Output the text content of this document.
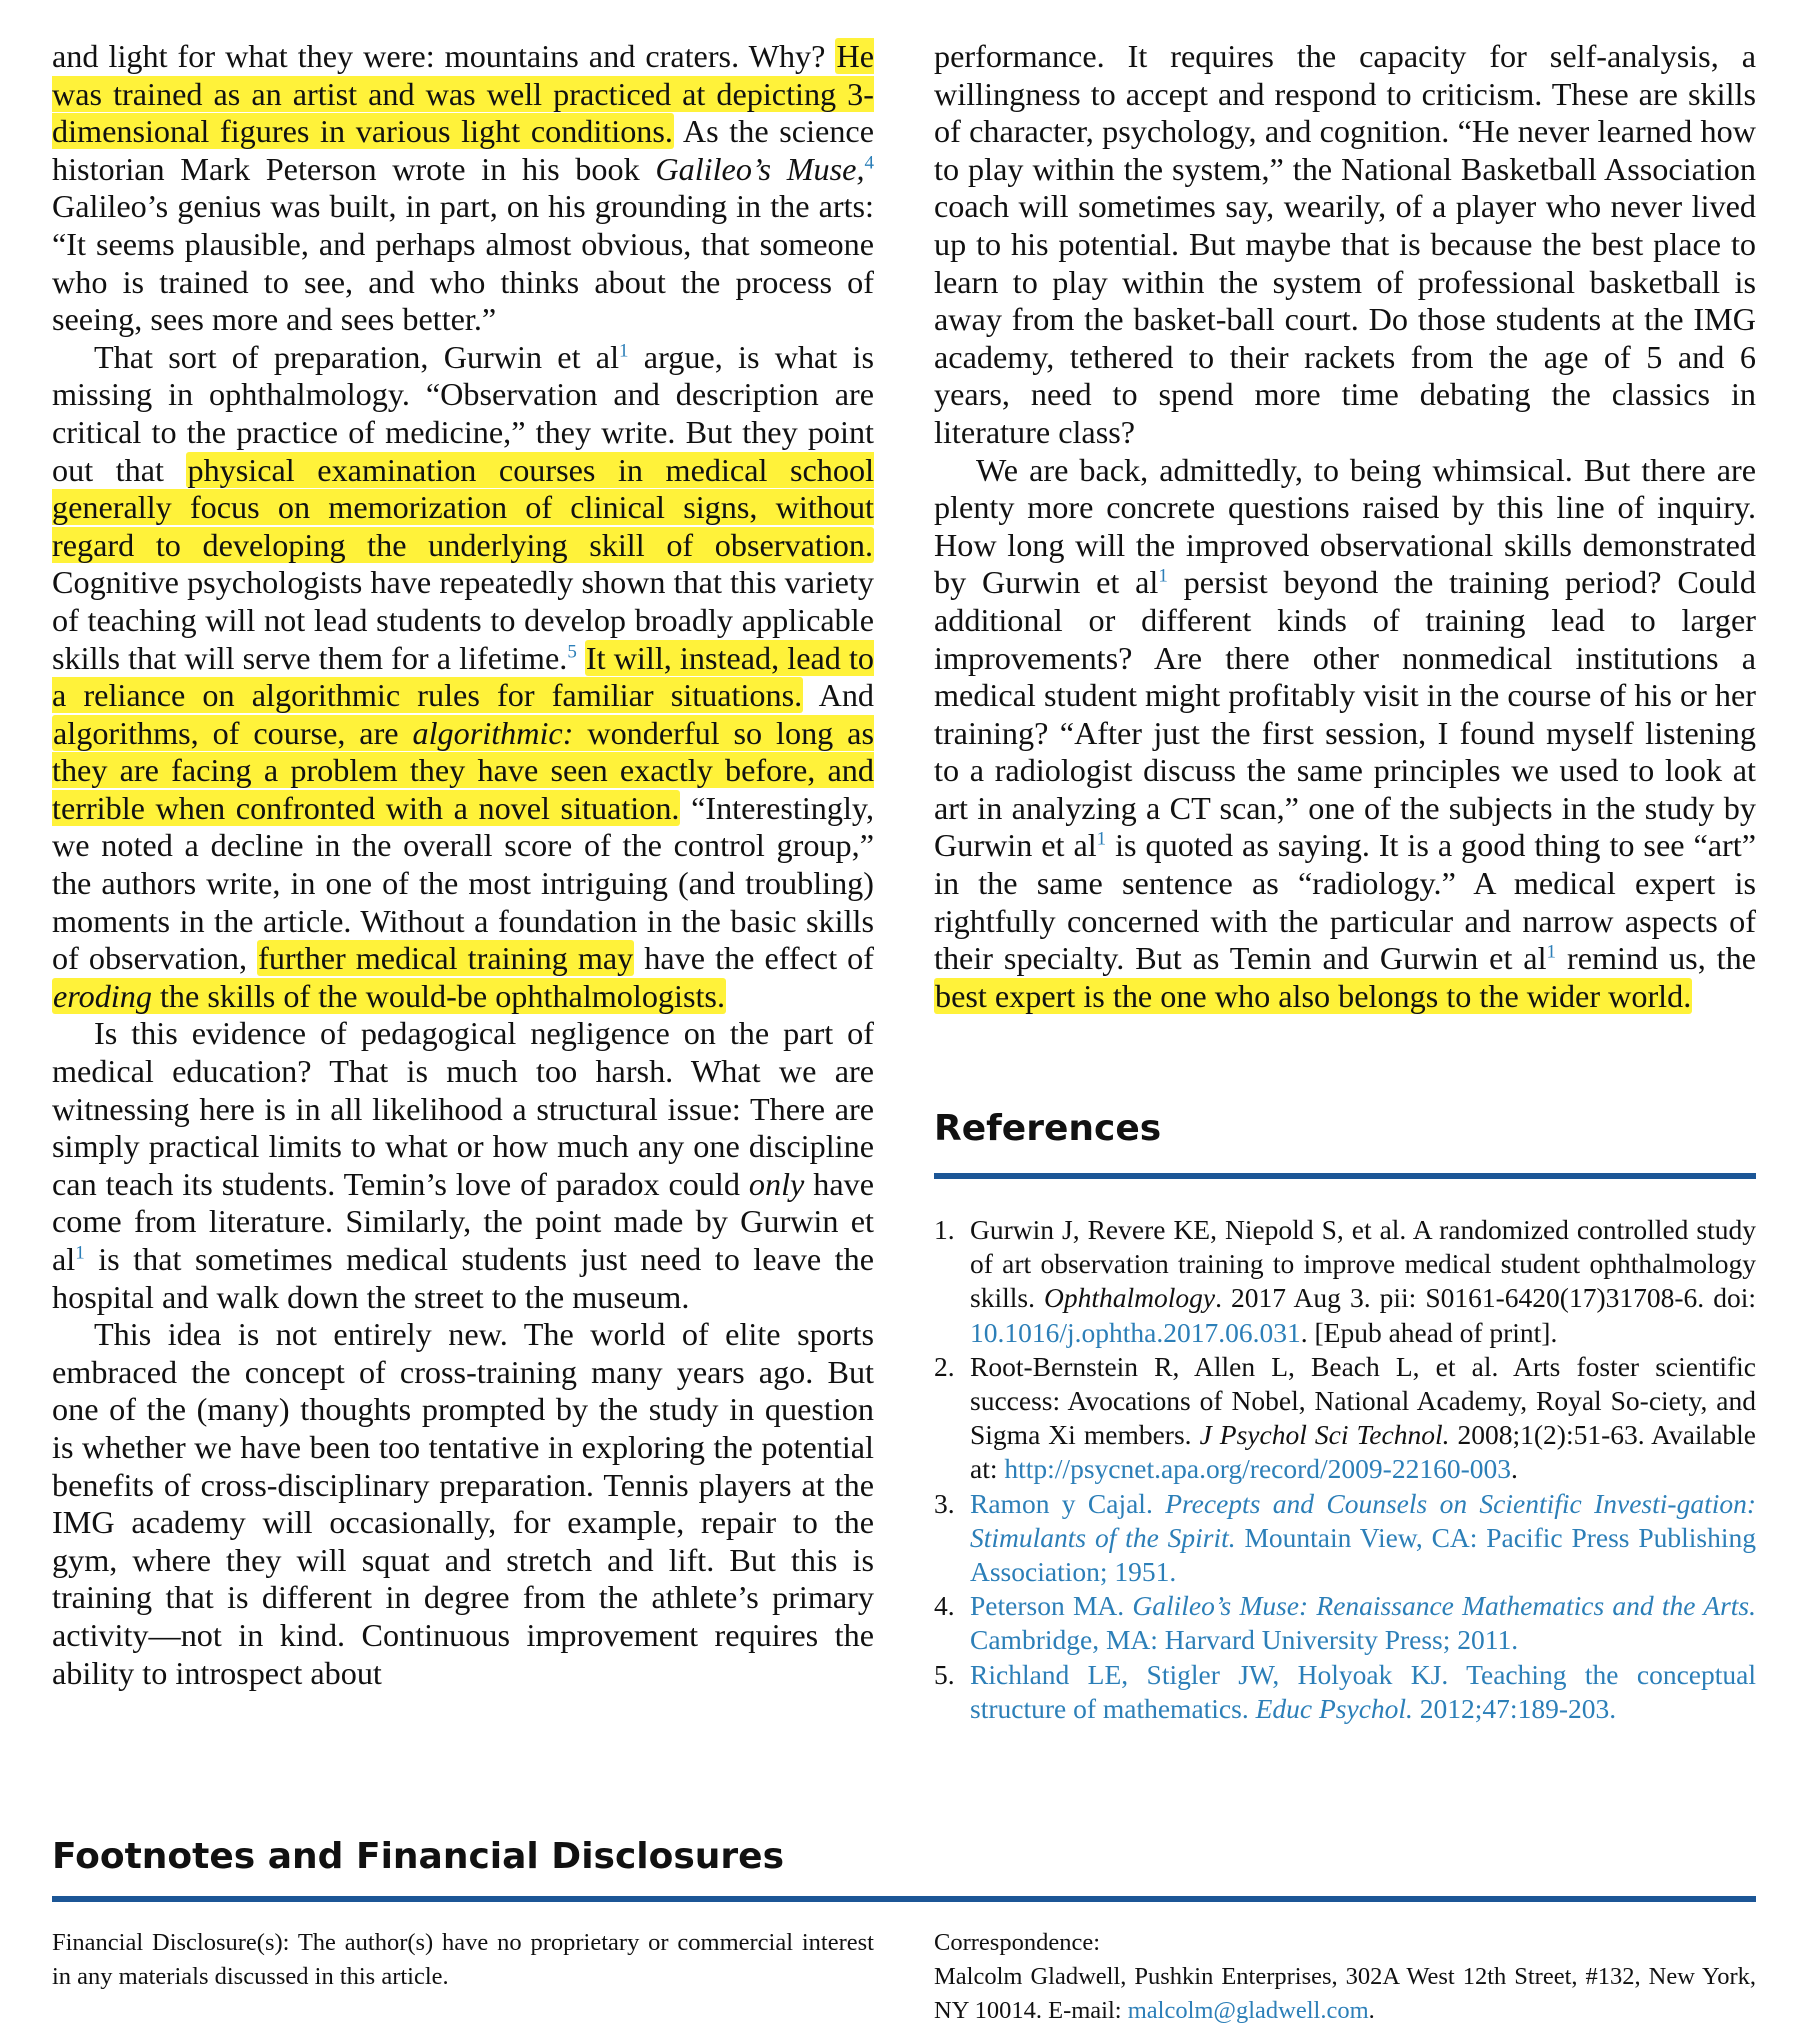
and light for what they were: mountains and craters. Why? He was trained as an artist and was well practiced at depicting 3-dimensional figures in various light conditions. As the science historian Mark Peterson wrote in his book Galileo’s Muse,$^4$ Galileo’s genius was built, in part, on his grounding in the arts: “It seems plausible, and perhaps almost obvious, that someone who is trained to see, and who thinks about the process of seeing, sees more and sees better.”

That sort of preparation, Gurwin et al$^1$ argue, is what is missing in ophthalmology. “Observation and description are critical to the practice of medicine,” they write. But they point out that physical examination courses in medical school generally focus on memorization of clinical signs, without regard to developing the underlying skill of observation. Cognitive psychologists have repeatedly shown that this variety of teaching will not lead students to develop broadly applicable skills that will serve them for a lifetime.$^5$ It will, instead, lead to a reliance on algorithmic rules for familiar situations. And algorithms, of course, are algorithmic: wonderful so long as they are facing a problem they have seen exactly before, and terrible when confronted with a novel situation. “Interestingly, we noted a decline in the overall score of the control group,” the authors write, in one of the most intriguing (and troubling) moments in the article. Without a foundation in the basic skills of observation, further medical training may have the effect of eroding the skills of the would-be ophthalmologists.

Is this evidence of pedagogical negligence on the part of medical education? That is much too harsh. What we are witnessing here is in all likelihood a structural issue: There are simply practical limits to what or how much any one discipline can teach its students. Temin’s love of paradox could only have come from literature. Similarly, the point made by Gurwin et al$^1$ is that sometimes medical students just need to leave the hospital and walk down the street to the museum.

This idea is not entirely new. The world of elite sports embraced the concept of cross-training many years ago. But one of the (many) thoughts prompted by the study in question is whether we have been too tentative in exploring the potential benefits of cross-disciplinary preparation. Tennis players at the IMG academy will occasionally, for example, repair to the gym, where they will squat and stretch and lift. But this is training that is different in degree from the athlete’s primary activity—not in kind. Continuous improvement requires the ability to introspect about

performance. It requires the capacity for self-analysis, a willingness to accept and respond to criticism. These are skills of character, psychology, and cognition. “He never learned how to play within the system,” the National Basketball Association coach will sometimes say, wearily, of a player who never lived up to his potential. But maybe that is because the best place to learn to play within the system of professional basketball is away from the basket-ball court. Do those students at the IMG academy, tethered to their rackets from the age of 5 and 6 years, need to spend more time debating the classics in literature class?

We are back, admittedly, to being whimsical. But there are plenty more concrete questions raised by this line of inquiry. How long will the improved observational skills demonstrated by Gurwin et al$^1$ persist beyond the training period? Could additional or different kinds of training lead to larger improvements? Are there other nonmedical institutions a medical student might profitably visit in the course of his or her training? “After just the first session, I found myself listening to a radiologist discuss the same principles we used to look at art in analyzing a CT scan,” one of the subjects in the study by Gurwin et al$^1$ is quoted as saying. It is a good thing to see “art” in the same sentence as “radiology.” A medical expert is rightfully concerned with the particular and narrow aspects of their specialty. But as Temin and Gurwin et al$^1$ remind us, the best expert is the one who also belongs to the wider world.

References
1. Gurwin J, Revere KE, Niepold S, et al. A randomized controlled study of art observation training to improve medical student ophthalmology skills. Ophthalmology. 2017 Aug 3. pii: S0161-6420(17)31708-6. doi: 10.1016/j.ophtha.2017.06.031. [Epub ahead of print].
2. Root-Bernstein R, Allen L, Beach L, et al. Arts foster scientific success: Avocations of Nobel, National Academy, Royal So-ciety, and Sigma Xi members. J Psychol Sci Technol. 2008;1(2):51-63. Available at: http://psycnet.apa.org/record/2009-22160-003.
3. Ramon y Cajal. Precepts and Counsels on Scientific Investi-gation: Stimulants of the Spirit. Mountain View, CA: Pacific Press Publishing Association; 1951.
4. Peterson MA. Galileo’s Muse: Renaissance Mathematics and the Arts. Cambridge, MA: Harvard University Press; 2011.
5. Richland LE, Stigler JW, Holyoak KJ. Teaching the conceptual structure of mathematics. Educ Psychol. 2012;47:189-203.
Footnotes and Financial Disclosures
Financial Disclosure(s): The author(s) have no proprietary or commercial interest in any materials discussed in this article.
Correspondence:
Malcolm Gladwell, Pushkin Enterprises, 302A West 12th Street, #132, New York, NY 10014. E-mail: malcolm@gladwell.com.
